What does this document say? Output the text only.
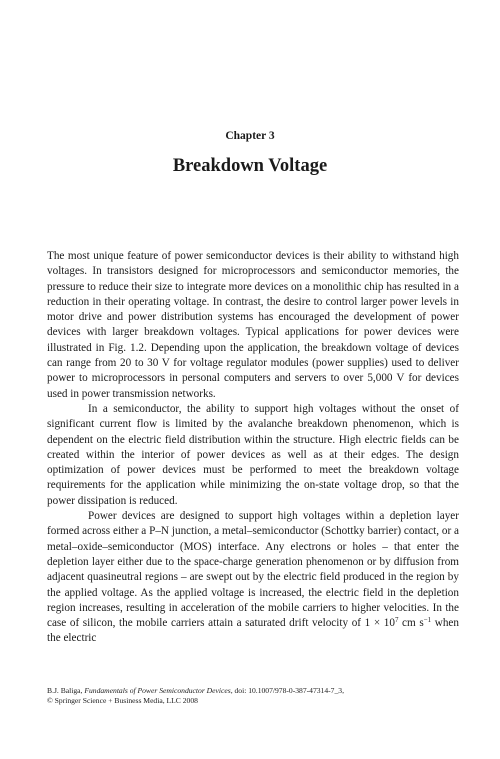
Chapter 3
Breakdown Voltage

The most unique feature of power semiconductor devices is their ability to withstand high voltages. In transistors designed for microprocessors and semiconductor memories, the pressure to reduce their size to integrate more devices on a monolithic chip has resulted in a reduction in their operating voltage. In contrast, the desire to control larger power levels in motor drive and power distribution systems has encouraged the development of power devices with larger breakdown voltages. Typical applications for power devices were illustrated in Fig. 1.2. Depending upon the application, the breakdown voltage of devices can range from 20 to 30 V for voltage regulator modules (power supplies) used to deliver power to microprocessors in personal computers and servers to over 5,000 V for devices used in power transmission networks.

In a semiconductor, the ability to support high voltages without the onset of significant current flow is limited by the avalanche breakdown phenomenon, which is dependent on the electric field distribution within the structure. High electric fields can be created within the interior of power devices as well as at their edges. The design optimization of power devices must be performed to meet the breakdown voltage requirements for the application while minimizing the on-state voltage drop, so that the power dissipation is reduced.

Power devices are designed to support high voltages within a depletion layer formed across either a P–N junction, a metal–semiconductor (Schottky barrier) contact, or a metal–oxide–semiconductor (MOS) interface. Any electrons or holes – that enter the depletion layer either due to the space-charge generation phenomenon or by diffusion from adjacent quasineutral regions – are swept out by the electric field produced in the region by the applied voltage. As the applied voltage is increased, the electric field in the depletion region increases, resulting in acceleration of the mobile carriers to higher velocities. In the case of silicon, the mobile carriers attain a saturated drift velocity of $1 \times 10^7$ cm $s^{-1}$ when the electric

B.J. Baliga, Fundamentals of Power Semiconductor Devices, doi: 10.1007/978-0-387-47314-7_3,
© Springer Science + Business Media, LLC 2008
